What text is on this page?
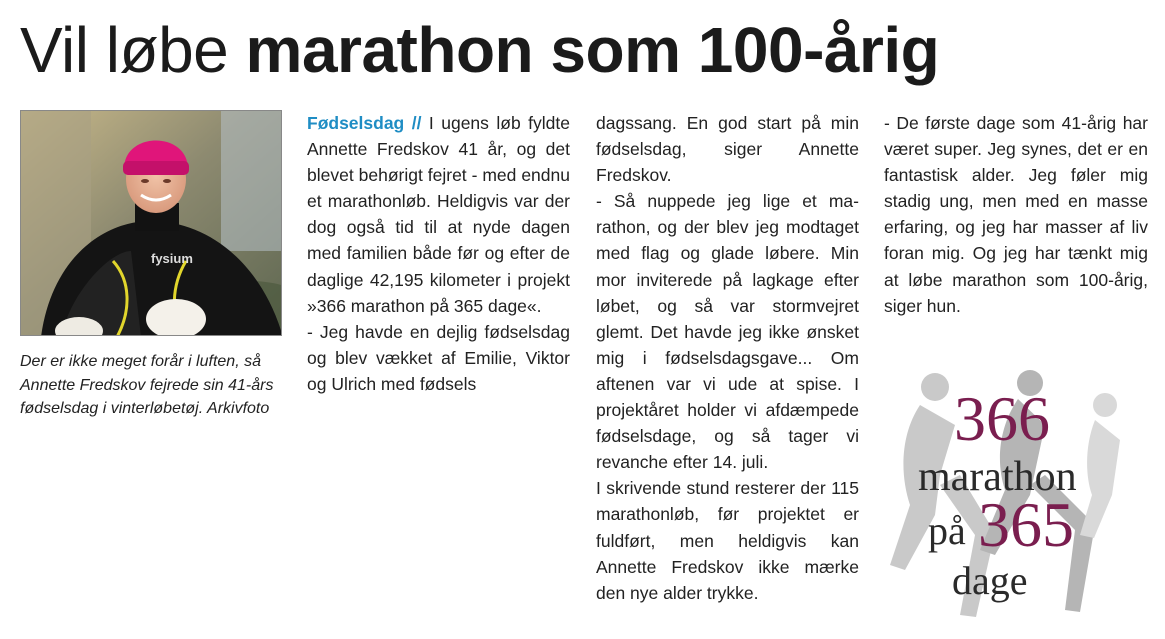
Vil løbe marathon som 100-årig
fysium
Der er ikke meget forår i luften, så Annette Fredskov fejrede sin 41-års fødselsdag i vinterløbetøj. Arkivfoto

Fødselsdag // I ugens løb fyldte Annette Fredskov 41 år, og det blevet behørigt fejret - med endnu et marathonløb. Heldigvis var der dog også tid til at nyde dagen med familien både før og efter de daglige 42,195 kilometer i projekt »366 marathon på 365 dage«.

- Jeg havde en dejlig fødselsdag og blev vækket af Emilie, Viktor og Ulrich med fødsels

dagssang. En god start på min fødselsdag, siger Annette Fredskov.

- Så nuppede jeg lige et marathon, og der blev jeg modtaget med flag og glade løbere. Min mor inviterede på lagkage efter løbet, og så var stormvejret glemt. Det havde jeg ikke ønsket mig i fødselsdagsgave... Om aftenen var vi ude at spise. I projektåret holder vi afdæmpede fødselsdage, og så tager vi revanche efter 14. juli.

I skrivende stund resterer der 115 marathonløb, før projektet er fuldført, men heldigvis kan Annette Fredskov ikke mærke den nye alder trykke.

- De første dage som 41-årig har været super. Jeg synes, det er en fantastisk alder. Jeg føler mig stadig ung, men med en masse erfaring, og jeg har masser af liv foran mig. Og jeg har tænkt mig at løbe marathon som 100-årig, siger hun.

366
marathon
på 365
dage
